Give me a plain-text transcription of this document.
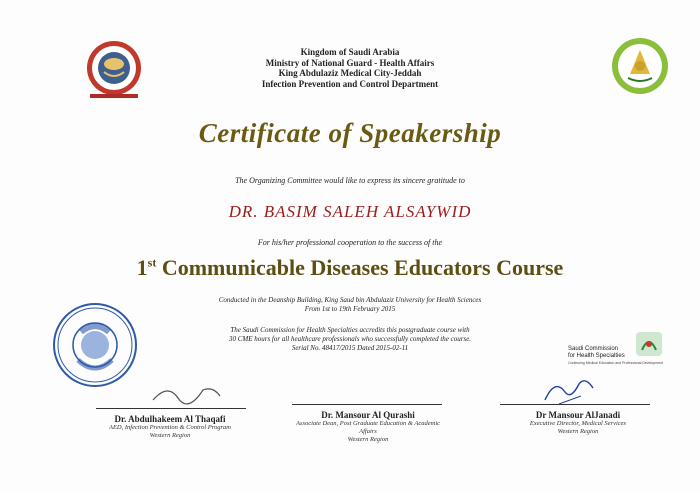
Kingdom of Saudi Arabia
Ministry of National Guard - Health Affairs
King Abdulaziz Medical City-Jeddah
Infection Prevention and Control Department
Certificate of Speakership
The Organizing Committee would like to express its sincere gratitude to
DR. BASIM SALEH ALSAYWID
For his/her professional cooperation to the success of the
1st Communicable Diseases Educators Course
Conducted in the Deanship Building, King Saud bin Abdulaziz University for Health Sciences
From 1st to 19th February 2015
The Saudi Commission for Health Specialties accredits this postgraduate course with
30 CME hours for all healthcare professionals who successfully completed the course.
Serial No. 48417/2015 Dated 2015-02-11	Saudi Commission
for Health Specialties
Continuing Medical Education and Professional Development
Dr. Abdulhakeem Al Thaqafi
AED, Infection Prevention & Control Program
Western Region
Dr. Mansour Al Qurashi
Associate Dean, Post Graduate Education & Academic
Affairs
Western Region
Dr Mansour AlJanadi
Executive Director, Medical Services
Western Region
